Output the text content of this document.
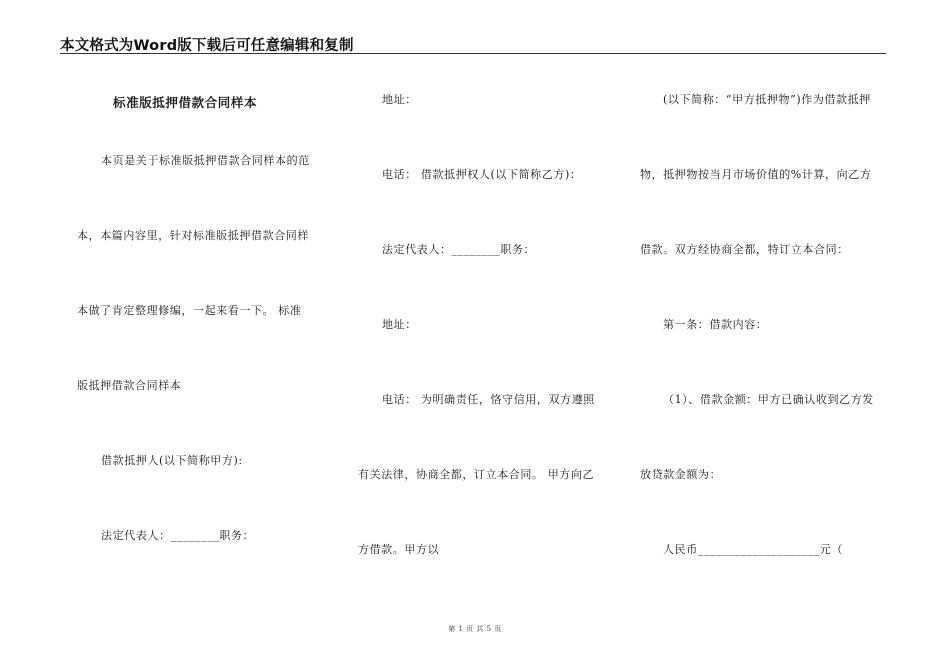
本文格式为Word版下载后可任意编辑和复制
标准版抵押借款合同样本
本页是关于标准版抵押借款合同样本的范
本，本篇内容里，针对标准版抵押借款合同样
本做了肯定整理修编，一起来看一下。 标准
版抵押借款合同样本
借款抵押人(以下简称甲方):
法定代表人：________职务：
地址：
电话： 借款抵押权人(以下简称乙方)：
法定代表人：________职务：
地址：
电话： 为明确责任，恪守信用，双方遵照
有关法律，协商全都，订立本合同。 甲方向乙
方借款。甲方以
(以下简称：“甲方抵押物”)作为借款抵押
物，抵押物按当月市场价值的%计算，向乙方
借款。双方经协商全都，特订立本合同：
第一条：借款内容：
（1）、借款金额：甲方已确认收到乙方发
放贷款金额为：
人民币____________________元（
第 1 页 共 5 页
